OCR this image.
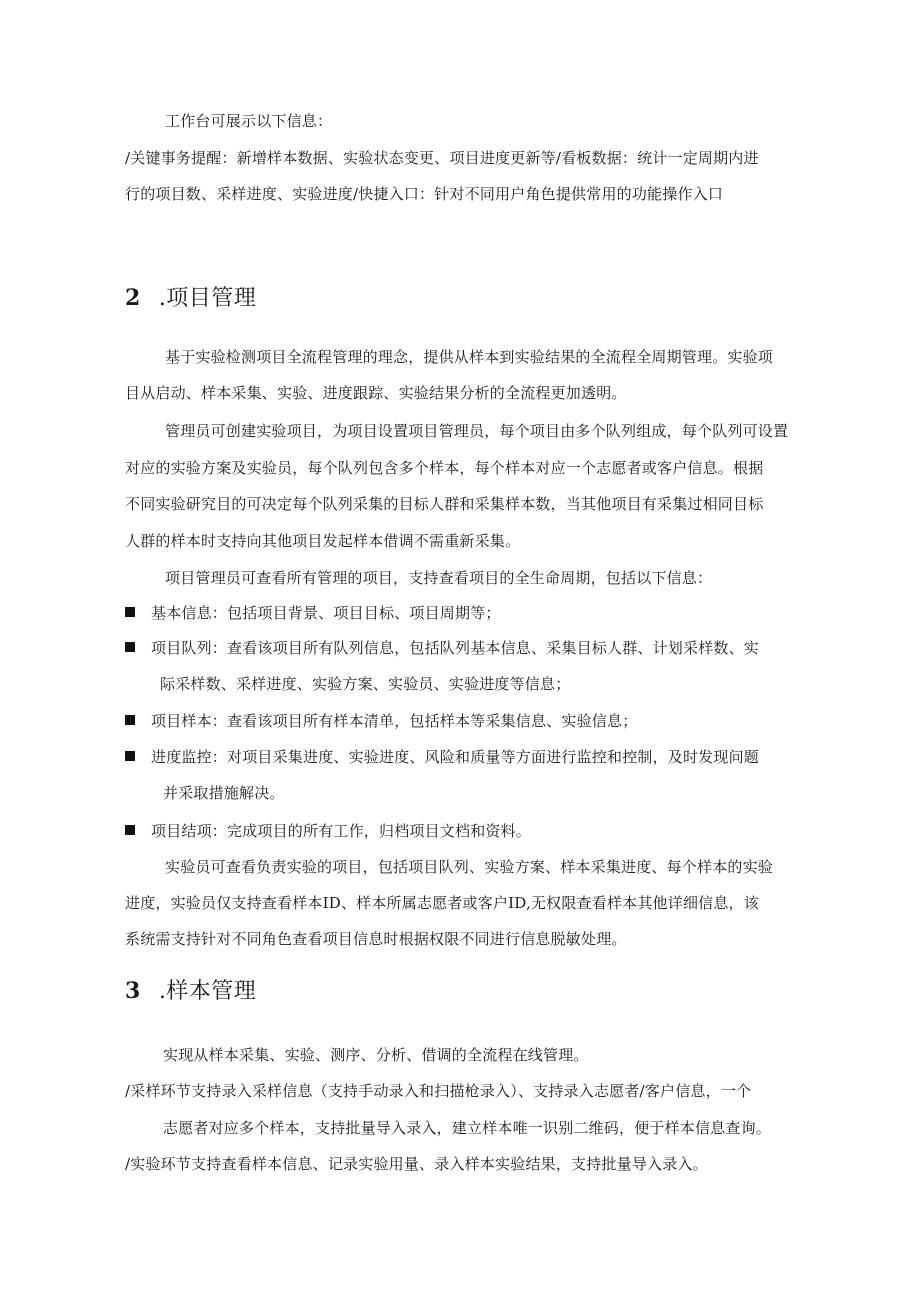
工作台可展示以下信息：
/关键事务提醒：新增样本数据、实验状态变更、项目进度更新等/看板数据：统计一定周期内进
行的项目数、采样进度、实验进度/快捷入口：针对不同用户角色提供常用的功能操作入口
2 .项目管理
基于实验检测项目全流程管理的理念，提供从样本到实验结果的全流程全周期管理。实验项
目从启动、样本采集、实验、进度跟踪、实验结果分析的全流程更加透明。
管理员可创建实验项目，为项目设置项目管理员，每个项目由多个队列组成，每个队列可设置
对应的实验方案及实验员，每个队列包含多个样本，每个样本对应一个志愿者或客户信息。根据
不同实验研究目的可决定每个队列采集的目标人群和采集样本数，当其他项目有采集过相同目标
人群的样本时支持向其他项目发起样本借调不需重新采集。
项目管理员可查看所有管理的项目，支持查看项目的全生命周期，包括以下信息：
基本信息：包括项目背景、项目目标、项目周期等；
项目队列：查看该项目所有队列信息，包括队列基本信息、采集目标人群、计划采样数、实
际采样数、采样进度、实验方案、实验员、实验进度等信息；
项目样本：查看该项目所有样本清单，包括样本等采集信息、实验信息；
进度监控：对项目采集进度、实验进度、风险和质量等方面进行监控和控制，及时发现问题
并采取措施解决。
项目结项：完成项目的所有工作，归档项目文档和资料。
实验员可查看负责实验的项目，包括项目队列、实验方案、样本采集进度、每个样本的实验
进度，实验员仅支持查看样本ID、样本所属志愿者或客户ID,无权限查看样本其他详细信息，该
系统需支持针对不同角色查看项目信息时根据权限不同进行信息脱敏处理。
3 .样本管理
实现从样本采集、实验、测序、分析、借调的全流程在线管理。
/采样环节支持录入采样信息（支持手动录入和扫描枪录入）、支持录入志愿者/客户信息，一个
志愿者对应多个样本，支持批量导入录入，建立样本唯一识别二维码，便于样本信息查询。
/实验环节支持查看样本信息、记录实验用量、录入样本实验结果，支持批量导入录入。
